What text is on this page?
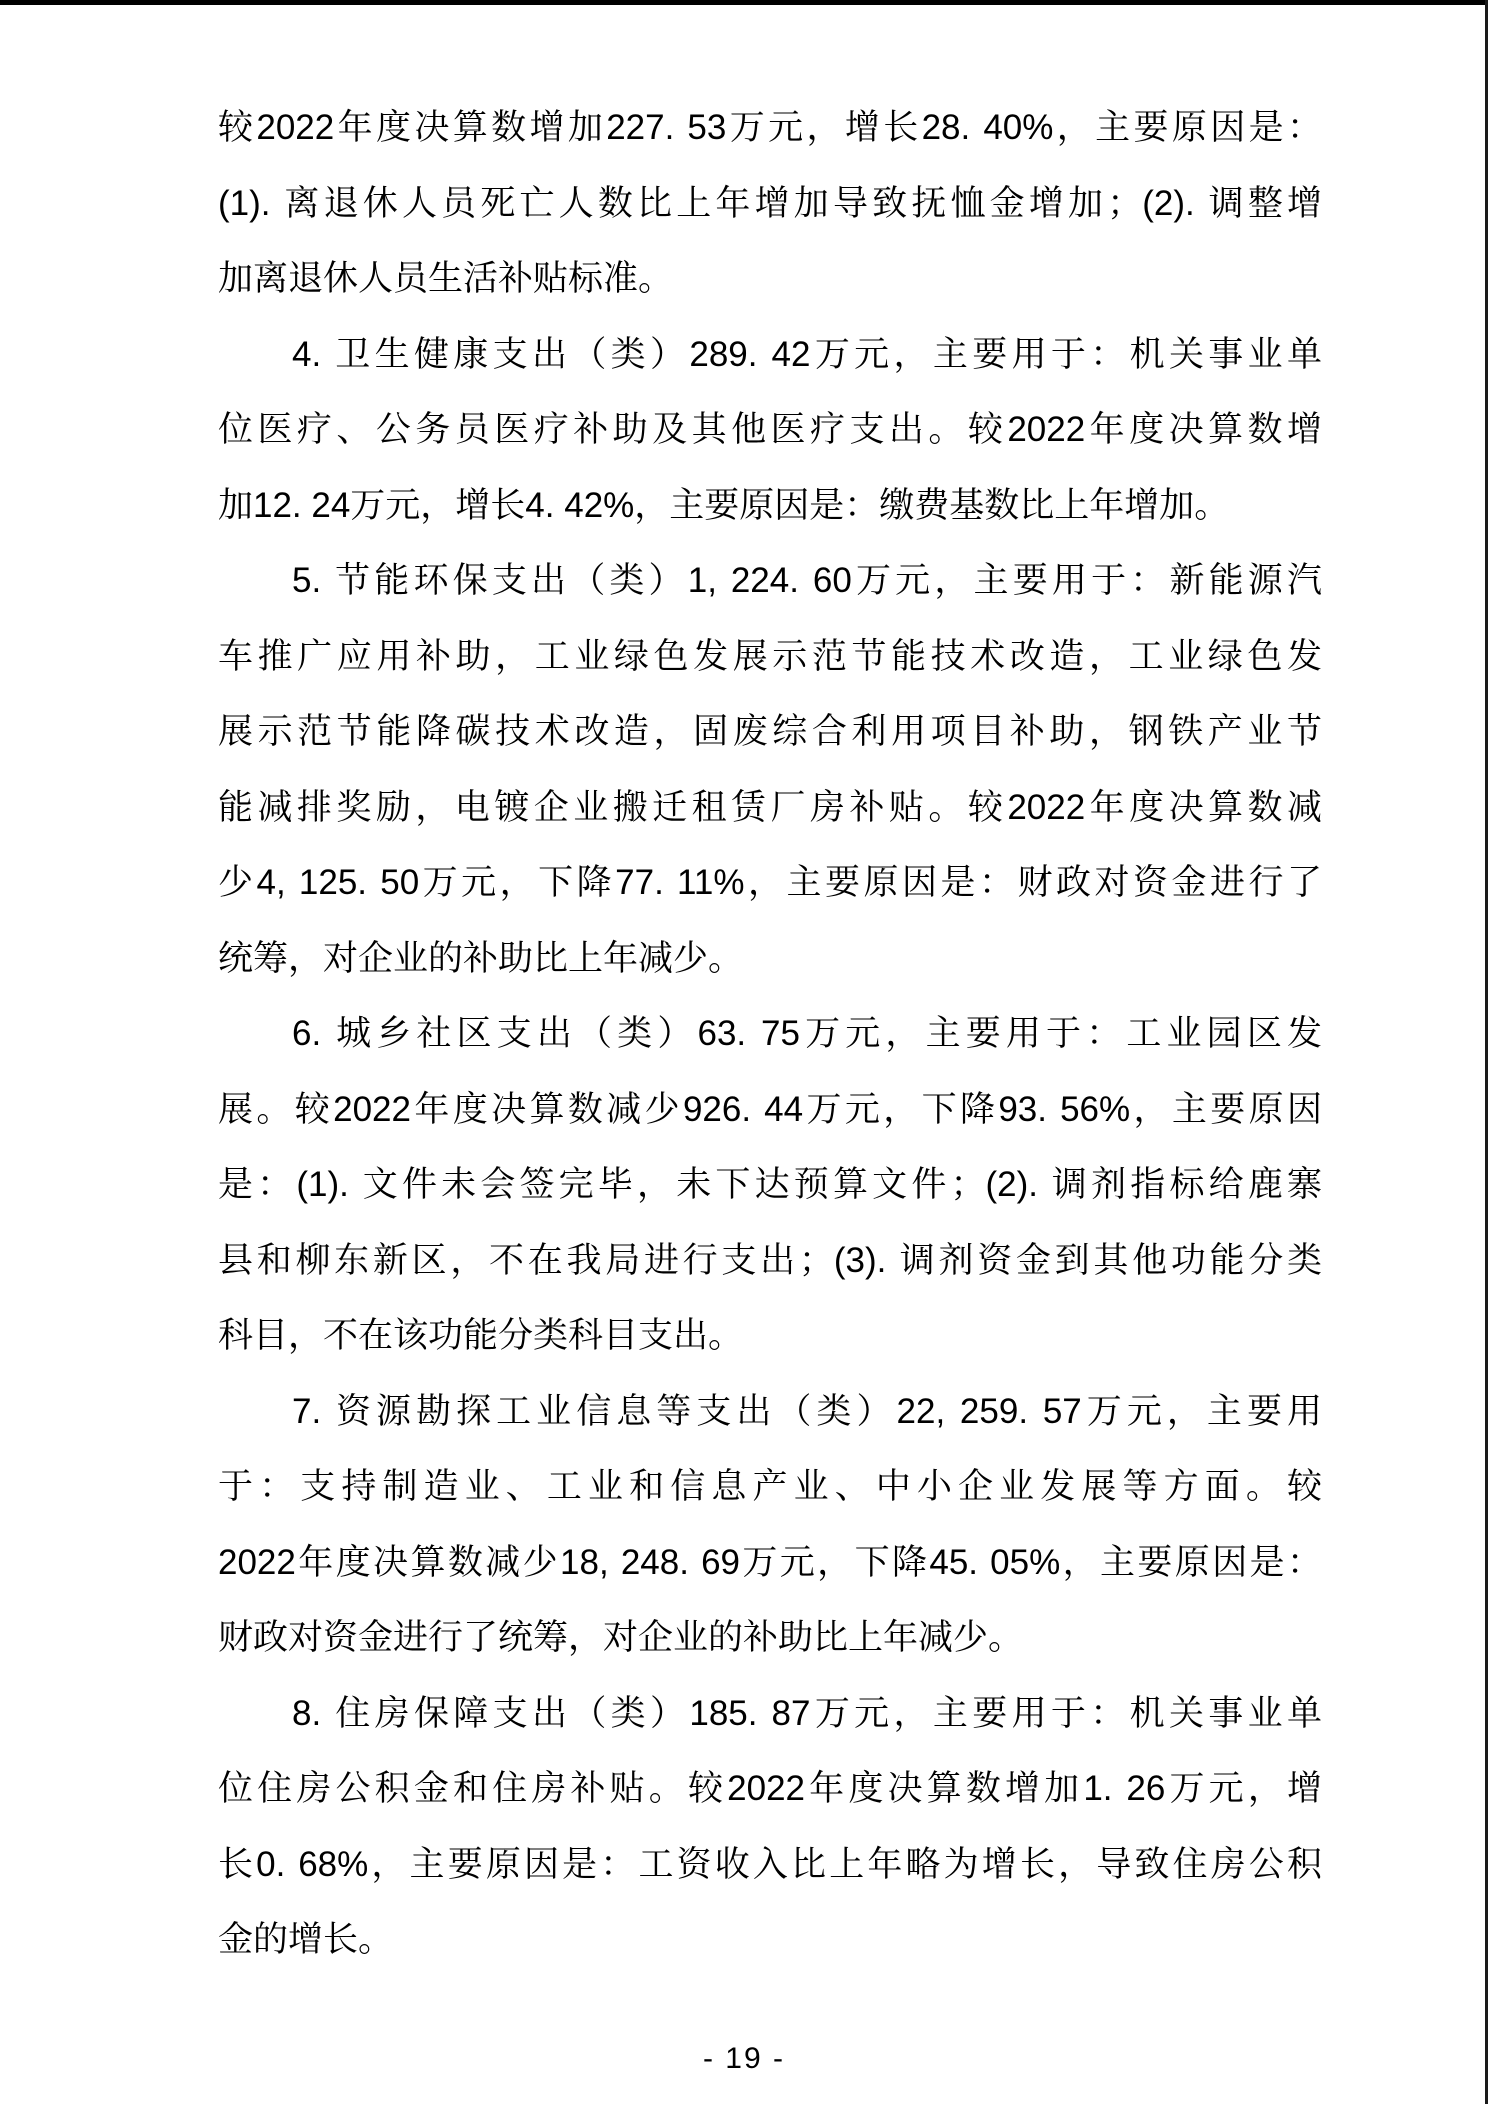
较2022年度决算数增加227. 53万元，增长28. 40%，主要原因是：
(1). 离退休人员死亡人数比上年增加导致抚恤金增加；(2). 调整增
加离退休人员生活补贴标准。
4. 卫生健康支出（类）289. 42万元，主要用于：机关事业单
位医疗、公务员医疗补助及其他医疗支出。较2022年度决算数增
加12. 24万元，增长4. 42%，主要原因是：缴费基数比上年增加。
5. 节能环保支出（类）1, 224. 60万元，主要用于：新能源汽
车推广应用补助，工业绿色发展示范节能技术改造，工业绿色发
展示范节能降碳技术改造，固废综合利用项目补助，钢铁产业节
能减排奖励，电镀企业搬迁租赁厂房补贴。较2022年度决算数减
少4, 125. 50万元，下降77. 11%，主要原因是：财政对资金进行了
统筹，对企业的补助比上年减少。
6. 城乡社区支出（类）63. 75万元，主要用于：工业园区发
展。较2022年度决算数减少926. 44万元，下降93. 56%，主要原因
是：(1). 文件未会签完毕，未下达预算文件；(2). 调剂指标给鹿寨
县和柳东新区，不在我局进行支出；(3). 调剂资金到其他功能分类
科目，不在该功能分类科目支出。
7. 资源勘探工业信息等支出（类）22, 259. 57万元，主要用
于：支持制造业、工业和信息产业、中小企业发展等方面。较
2022年度决算数减少18, 248. 69万元，下降45. 05%，主要原因是：
财政对资金进行了统筹，对企业的补助比上年减少。
8. 住房保障支出（类）185. 87万元，主要用于：机关事业单
位住房公积金和住房补贴。较2022年度决算数增加1. 26万元，增
长0. 68%，主要原因是：工资收入比上年略为增长，导致住房公积
金的增长。
- 19 -
